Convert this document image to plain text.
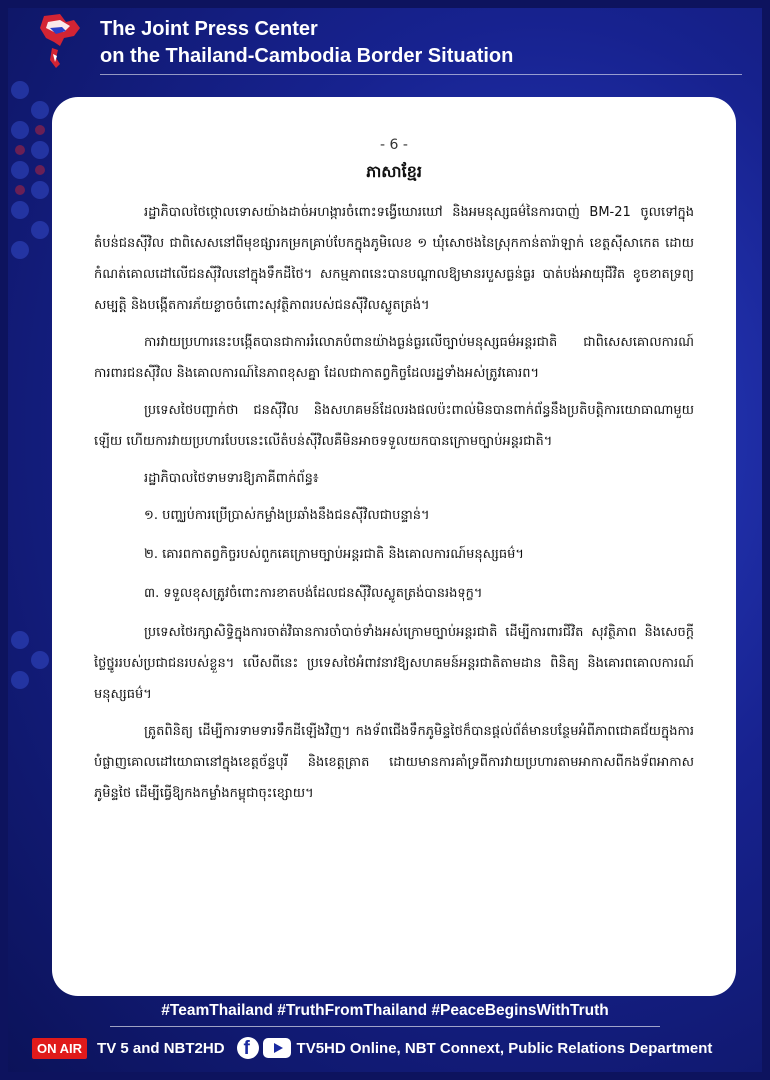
The Joint Press Center
on the Thailand-Cambodia Border Situation
- 6 -
ភាសាខ្មែរ

រដ្ឋាភិបាលថៃថ្កោលទោសយ៉ាងដាច់អហង្ការចំពោះទង្វើឃោរឃៅ និងអមនុស្សធម៌នៃការបាញ់ BM-21 ចូលទៅក្នុងតំបន់ជនស៊ីវិល ជាពិសេសនៅពីមុខផ្សារកម្រកគ្រាប់បែកក្នុងភូមិលេខ ១ ឃុំសោថងនៃស្រុកកាន់តារ៉ាឡាក់ ខេត្តស៊ីសាកេត ដោយកំណត់គោលដៅលើជនស៊ីវិលនៅក្នុងទឹកដីថៃ។ សកម្មភាពនេះបានបណ្តាលឱ្យមានរបួសធ្ងន់ធ្ងរ បាត់បង់អាយុជីវិត ខូចខាតទ្រព្យសម្បត្តិ និងបង្កើតការភ័យខ្លាចចំពោះសុវត្ថិភាពរបស់ជនស៊ីវិលស្លូតត្រង់។

ការវាយប្រហារនេះបង្កើតបានជាការរំលោភបំពានយ៉ាងធ្ងន់ធ្ងរលើច្បាប់មនុស្សធម៌អន្តរជាតិ ជាពិសេសគោលការណ៍ការពារជនស៊ីវិល និងគោលការណ៍នៃភាពខុសគ្នា ដែលជាកាតព្វកិច្ចដែលរដ្ឋទាំងអស់ត្រូវគោរព។

ប្រទេសថៃបញ្ជាក់ថា ជនស៊ីវិល និងសហគមន៍ដែលរងផលប៉ះពាល់មិនបានពាក់ព័ន្ធនឹងប្រតិបត្តិការយោធាណាមួយឡើយ ហើយការវាយប្រហារបែបនេះលើតំបន់ស៊ីវិលគឺមិនអាចទទួលយកបានក្រោមច្បាប់អន្តរជាតិ។

រដ្ឋាភិបាលថៃទាមទារឱ្យភាគីពាក់ព័ន្ធ៖

១. បញ្ឈប់ការប្រើប្រាស់កម្លាំងប្រឆាំងនឹងជនស៊ីវិលជាបន្ទាន់។

២. គោរពកាតព្វកិច្ចរបស់ពួកគេក្រោមច្បាប់អន្តរជាតិ និងគោលការណ៍មនុស្សធម៌។

៣. ទទួលខុសត្រូវចំពោះការខាតបង់ដែលជនស៊ីវិលស្លូតត្រង់បានរងទុក្ខ។

ប្រទេសថៃរក្សាសិទ្ធិក្នុងការចាត់វិធានការចាំបាច់ទាំងអស់ក្រោមច្បាប់អន្តរជាតិ ដើម្បីការពារជីវិត សុវត្ថិភាព និងសេចក្តីថ្លៃថ្នូររបស់ប្រជាជនរបស់ខ្លួន។ លើសពីនេះ ប្រទេសថៃអំពាវនាវឱ្យសហគមន៍អន្តរជាតិតាមដាន ពិនិត្យ និងគោរពគោលការណ៍មនុស្សធម៌។

ត្រូតពិនិត្យ ដើម្បីការទាមទារទឹកដីឡើងវិញ។ កងទ័ពជើងទឹកភូមិន្ទថៃក៏បានផ្តល់ព័ត៌មានបន្ថែមអំពីភាពជោគជ័យក្នុងការបំផ្លាញគោលដៅយោធានៅក្នុងខេត្តច័ន្ទបុរី និងខេត្តត្រាត ដោយមានការគាំទ្រពីការវាយប្រហារតាមអាកាសពីកងទ័ពអាកាសភូមិន្ទថៃ ដើម្បីធ្វើឱ្យកងកម្លាំងកម្ពុជាចុះខ្សោយ។

#TeamThailand #TruthFromThailand #PeaceBeginsWithTruth
ON AIR	TV 5 and NBT2HD f	TV5HD Online, NBT Connext, Public Relations Department
